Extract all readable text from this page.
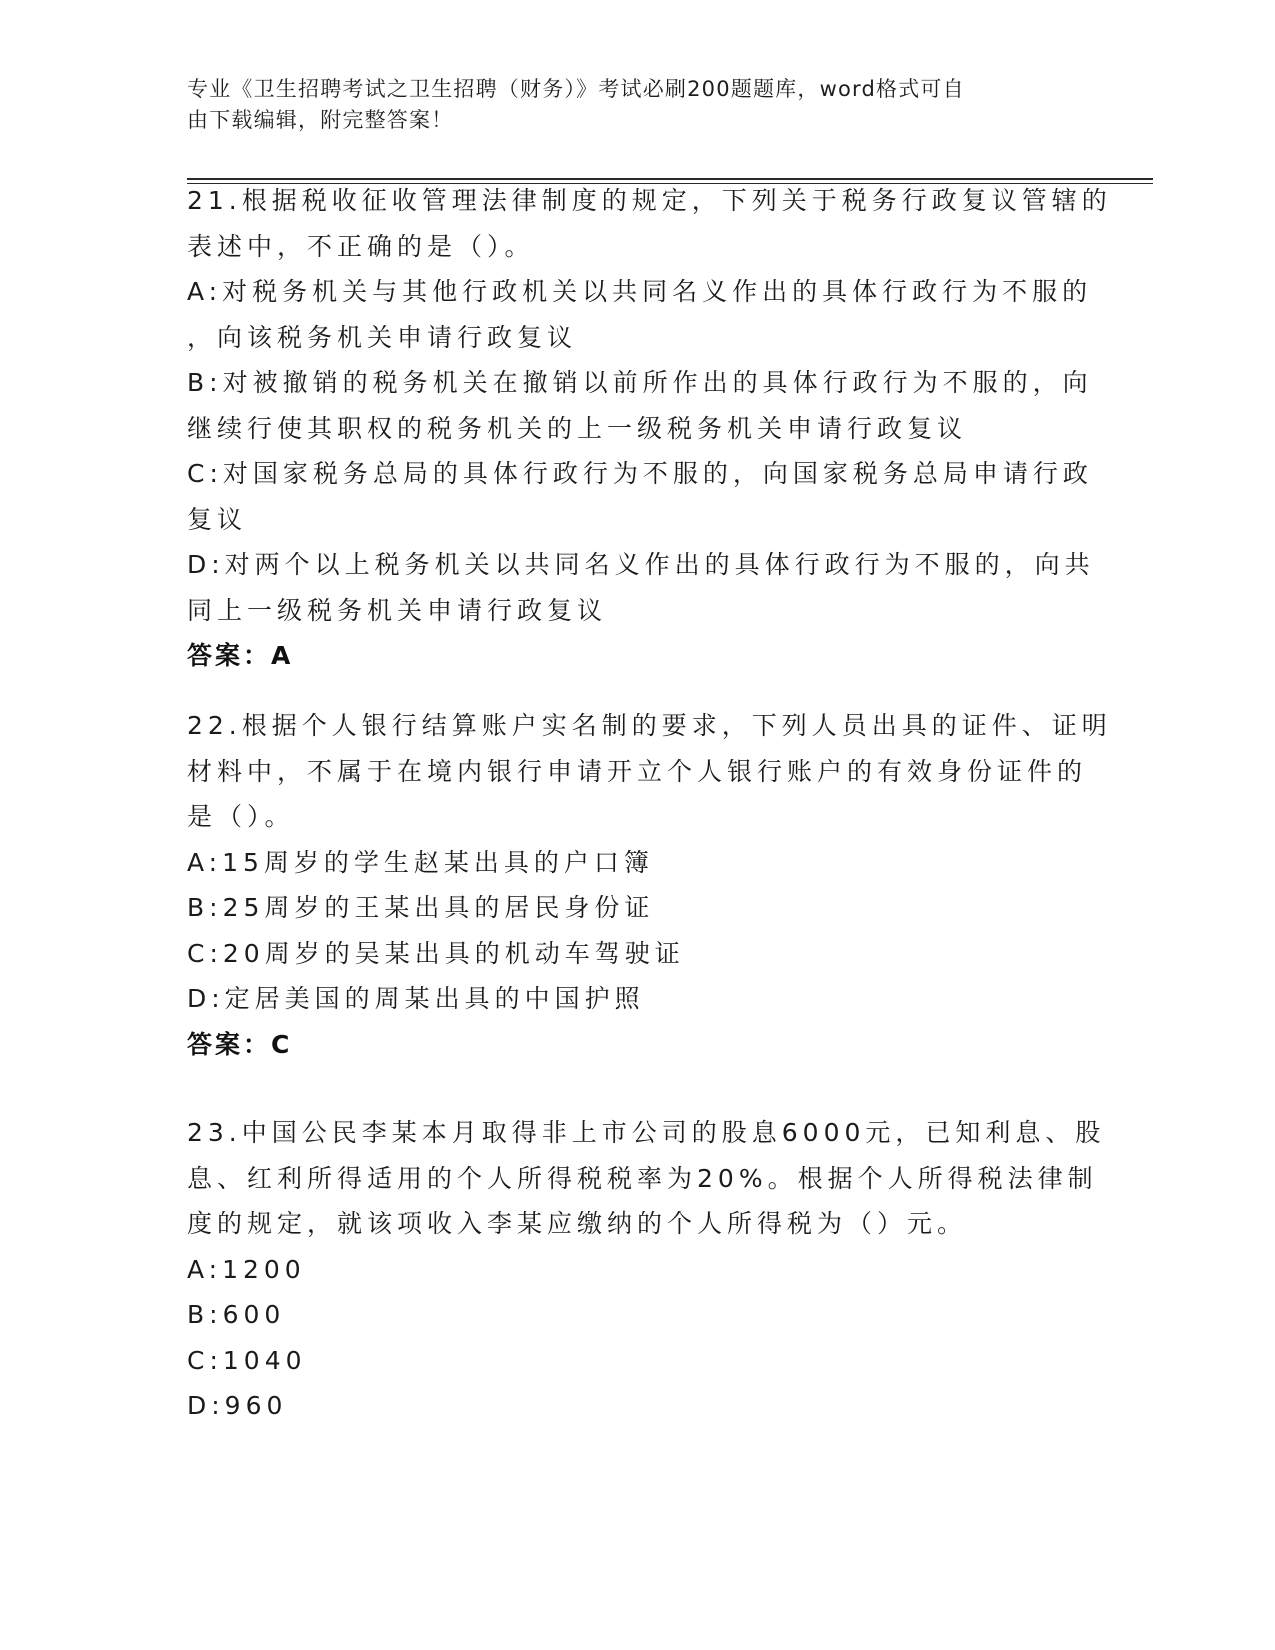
专业《卫生招聘考试之卫生招聘（财务）》考试必刷200题题库，word格式可自
由下载编辑，附完整答案！

21.根据税收征收管理法律制度的规定，下列关于税务行政复议管辖的

表述中，不正确的是（）。

A:对税务机关与其他行政机关以共同名义作出的具体行政行为不服的

，向该税务机关申请行政复议

B:对被撤销的税务机关在撤销以前所作出的具体行政行为不服的，向

继续行使其职权的税务机关的上一级税务机关申请行政复议

C:对国家税务总局的具体行政行为不服的，向国家税务总局申请行政

复议

D:对两个以上税务机关以共同名义作出的具体行政行为不服的，向共

同上一级税务机关申请行政复议

答案：A

22.根据个人银行结算账户实名制的要求，下列人员出具的证件、证明

材料中，不属于在境内银行申请开立个人银行账户的有效身份证件的

是（）。

A:15周岁的学生赵某出具的户口簿

B:25周岁的王某出具的居民身份证

C:20周岁的吴某出具的机动车驾驶证

D:定居美国的周某出具的中国护照

答案：C

23.中国公民李某本月取得非上市公司的股息6000元，已知利息、股

息、红利所得适用的个人所得税税率为20%。根据个人所得税法律制

度的规定，就该项收入李某应缴纳的个人所得税为（）元。

A:1200

B:600

C:1040

D:960
